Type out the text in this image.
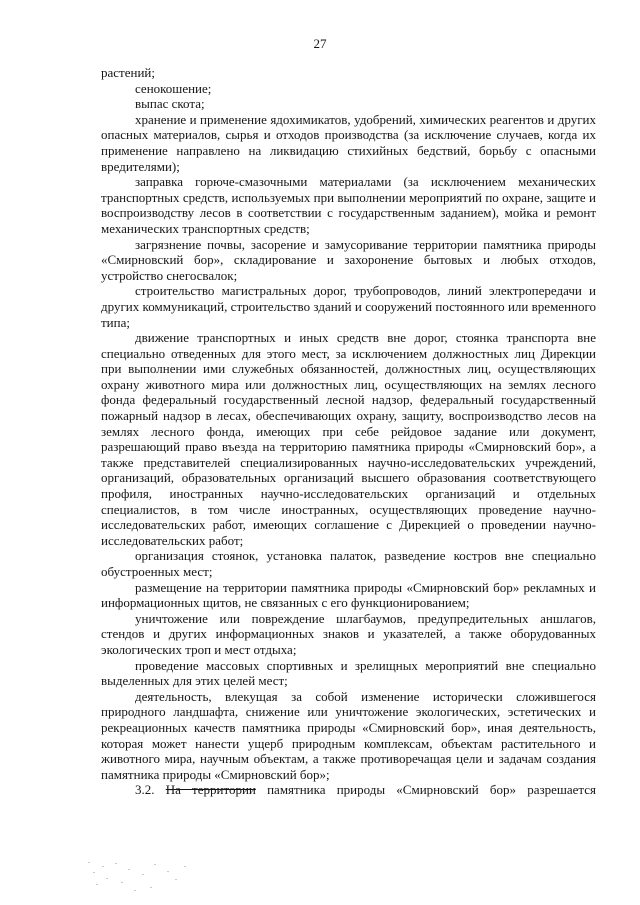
27

растений;

сенокошение;

выпас скота;

хранение и применение ядохимикатов, удобрений, химических реагентов и других опасных материалов, сырья и отходов производства (за исключение случаев, когда их применение направлено на ликвидацию стихийных бедствий, борьбу с опасными вредителями);

заправка горюче-смазочными материалами (за исключением механических транспортных средств, используемых при выполнении мероприятий по охране, защите и воспроизводству лесов в соответствии с государственным заданием), мойка и ремонт механических транспортных средств;

загрязнение почвы, засорение и замусоривание территории памятника природы «Смирновский бор», складирование и захоронение бытовых и любых отходов, устройство снегосвалок;

строительство магистральных дорог, трубопроводов, линий электропередачи и других коммуникаций, строительство зданий и сооружений постоянного или временного типа;

движение транспортных и иных средств вне дорог, стоянка транспорта вне специально отведенных для этого мест, за исключением должностных лиц Дирекции при выполнении ими служебных обязанностей, должностных лиц, осуществляющих охрану животного мира или должностных лиц, осуществляющих на землях лесного фонда федеральный государственный лесной надзор, федеральный государственный пожарный надзор в лесах, обеспечивающих охрану, защиту, воспроизводство лесов на землях лесного фонда, имеющих при себе рейдовое задание или документ, разрешающий право въезда на территорию памятника природы «Смирновский бор», а также представителей специализированных научно-исследовательских учреждений, организаций, образовательных организаций высшего образования соответствующего профиля, иностранных научно-исследовательских организаций и отдельных специалистов, в том числе иностранных, осуществляющих проведение научно-исследовательских работ, имеющих соглашение с Дирекцией о проведении научно-исследовательских работ;

организация стоянок, установка палаток, разведение костров вне специально обустроенных мест;

размещение на территории памятника природы «Смирновский бор» рекламных и информационных щитов, не связанных с его функционированием;

уничтожение или повреждение шлагбаумов, предупредительных аншлагов, стендов и других информационных знаков и указателей, а также оборудованных экологических троп и мест отдыха;

проведение массовых спортивных и зрелищных мероприятий вне специально выделенных для этих целей мест;

деятельность, влекущая за собой изменение исторически сложившегося природного ландшафта, снижение или уничтожение экологических, эстетических и рекреационных качеств памятника природы «Смирновский бор», иная деятельность, которая может нанести ущерб природным комплексам, объектам растительного и животного мира, научным объектам, а также противоречащая цели и задачам создания памятника природы «Смирновский бор»;

3.2. На территории памятника природы «Смирновский бор» разрешается
